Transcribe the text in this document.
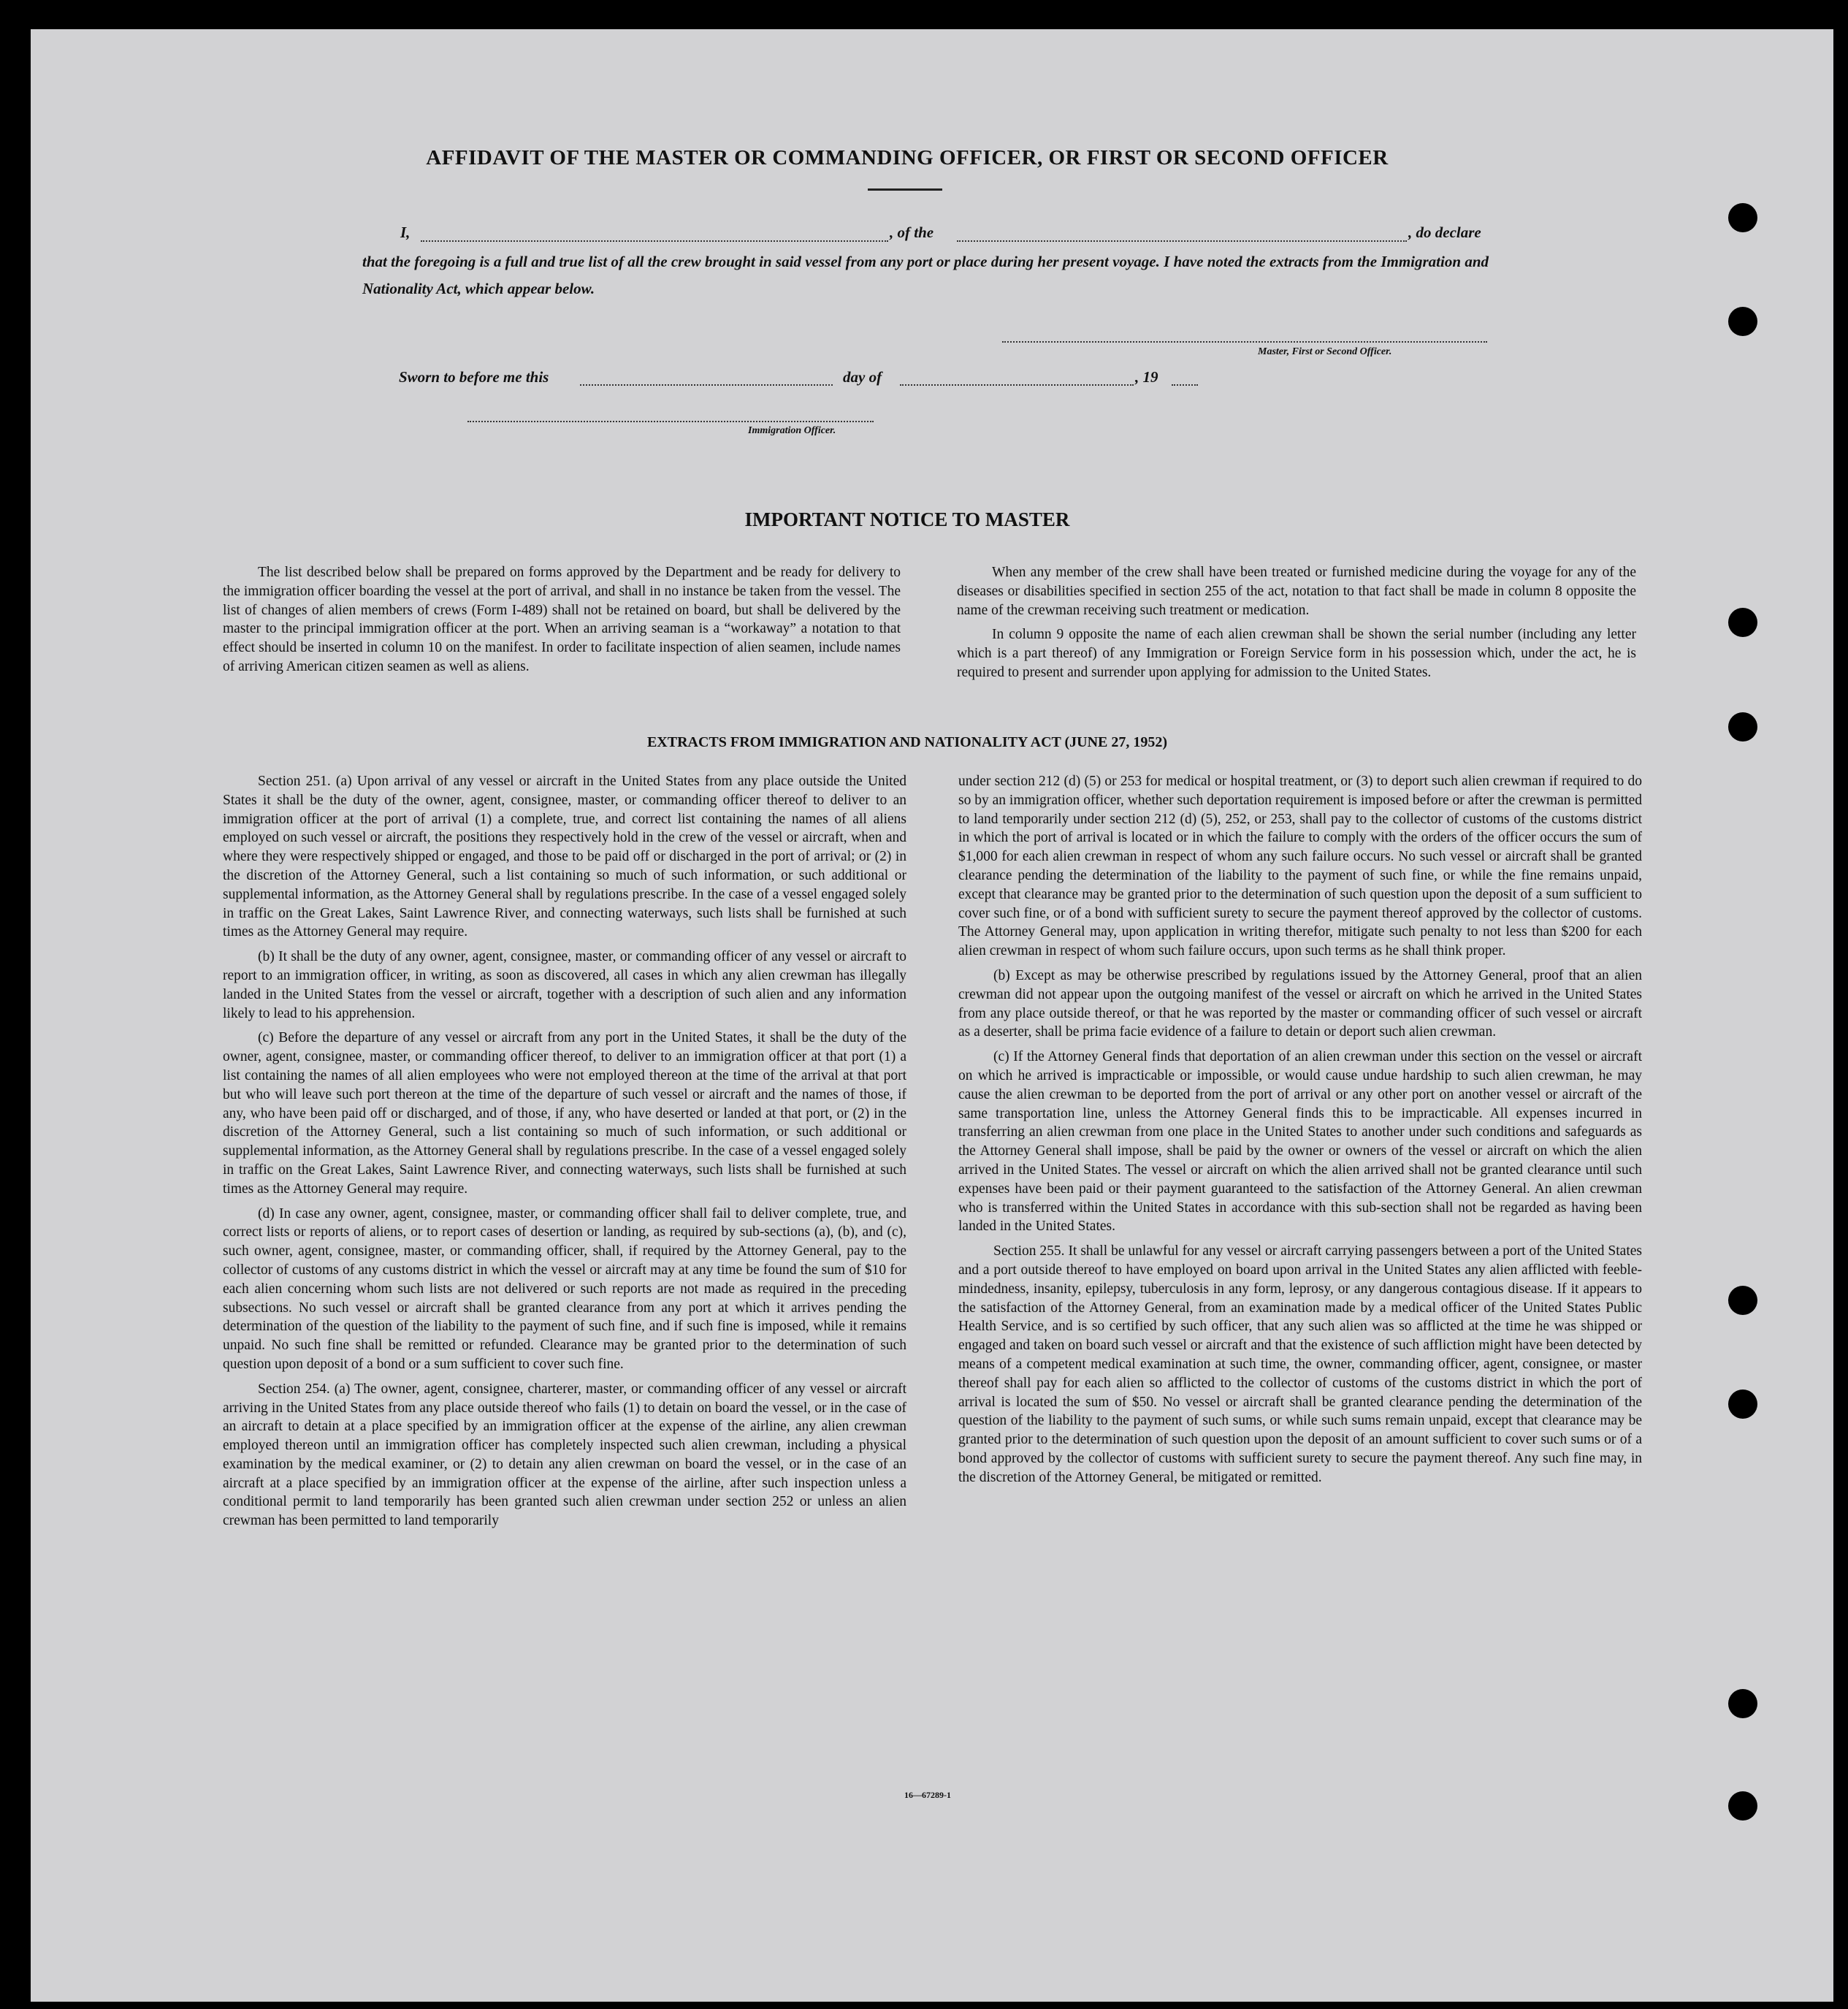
AFFIDAVIT OF THE MASTER OR COMMANDING OFFICER, OR FIRST OR SECOND OFFICER
I,	, of the	, do declare
that the foregoing is a full and true list of all the crew brought in said vessel from any port or place during her present voyage. I have noted the extracts from the Immigration and Nationality Act, which appear below.
Master, First or Second Officer.
Sworn to before me this	day of	, 19
Immigration Officer.
IMPORTANT NOTICE TO MASTER

The list described below shall be prepared on forms approved by the Department and be ready for delivery to the immigration officer boarding the vessel at the port of arrival, and shall in no instance be taken from the vessel. The list of changes of alien members of crews (Form I-489) shall not be retained on board, but shall be delivered by the master to the principal immigration officer at the port. When an arriving seaman is a “workaway” a notation to that effect should be inserted in column 10 on the manifest. In order to facilitate inspection of alien seamen, include names of arriving American citizen seamen as well as aliens.

When any member of the crew shall have been treated or furnished medicine during the voyage for any of the diseases or disabilities specified in section 255 of the act, notation to that fact shall be made in column 8 opposite the name of the crewman receiving such treatment or medication.

In column 9 opposite the name of each alien crewman shall be shown the serial number (including any letter which is a part thereof) of any Immigration or Foreign Service form in his possession which, under the act, he is required to present and surrender upon applying for admission to the United States.

EXTRACTS FROM IMMIGRATION AND NATIONALITY ACT (JUNE 27, 1952)

Section 251. (a) Upon arrival of any vessel or aircraft in the United States from any place outside the United States it shall be the duty of the owner, agent, consignee, master, or commanding officer thereof to deliver to an immigration officer at the port of arrival (1) a complete, true, and correct list containing the names of all aliens employed on such vessel or aircraft, the positions they respectively hold in the crew of the vessel or aircraft, when and where they were respectively shipped or engaged, and those to be paid off or discharged in the port of arrival; or (2) in the discretion of the Attorney General, such a list containing so much of such information, or such additional or supplemental information, as the Attorney General shall by regulations prescribe. In the case of a vessel engaged solely in traffic on the Great Lakes, Saint Lawrence River, and connecting waterways, such lists shall be furnished at such times as the Attorney General may require.

(b) It shall be the duty of any owner, agent, consignee, master, or commanding officer of any vessel or aircraft to report to an immigration officer, in writing, as soon as discovered, all cases in which any alien crewman has illegally landed in the United States from the vessel or aircraft, together with a description of such alien and any information likely to lead to his apprehension.

(c) Before the departure of any vessel or aircraft from any port in the United States, it shall be the duty of the owner, agent, consignee, master, or commanding officer thereof, to deliver to an immigration officer at that port (1) a list containing the names of all alien employees who were not employed thereon at the time of the arrival at that port but who will leave such port thereon at the time of the departure of such vessel or aircraft and the names of those, if any, who have been paid off or discharged, and of those, if any, who have deserted or landed at that port, or (2) in the discretion of the Attorney General, such a list containing so much of such information, or such additional or supplemental information, as the Attorney General shall by regulations prescribe. In the case of a vessel engaged solely in traffic on the Great Lakes, Saint Lawrence River, and connecting waterways, such lists shall be furnished at such times as the Attorney General may require.

(d) In case any owner, agent, consignee, master, or commanding officer shall fail to deliver complete, true, and correct lists or reports of aliens, or to report cases of desertion or landing, as required by sub-sections (a), (b), and (c), such owner, agent, consignee, master, or commanding officer, shall, if required by the Attorney General, pay to the collector of customs of any customs district in which the vessel or aircraft may at any time be found the sum of $10 for each alien concerning whom such lists are not delivered or such reports are not made as required in the preceding subsections. No such vessel or aircraft shall be granted clearance from any port at which it arrives pending the determination of the question of the liability to the payment of such fine, and if such fine is imposed, while it remains unpaid. No such fine shall be remitted or refunded. Clearance may be granted prior to the determination of such question upon deposit of a bond or a sum sufficient to cover such fine.

Section 254. (a) The owner, agent, consignee, charterer, master, or commanding officer of any vessel or aircraft arriving in the United States from any place outside thereof who fails (1) to detain on board the vessel, or in the case of an aircraft to detain at a place specified by an immigration officer at the expense of the airline, any alien crewman employed thereon until an immigration officer has completely inspected such alien crewman, including a physical examination by the medical examiner, or (2) to detain any alien crewman on board the vessel, or in the case of an aircraft at a place specified by an immigration officer at the expense of the airline, after such inspection unless a conditional permit to land temporarily has been granted such alien crewman under section 252 or unless an alien crewman has been permitted to land temporarily

under section 212 (d) (5) or 253 for medical or hospital treatment, or (3) to deport such alien crewman if required to do so by an immigration officer, whether such deportation requirement is imposed before or after the crewman is permitted to land temporarily under section 212 (d) (5), 252, or 253, shall pay to the collector of customs of the customs district in which the port of arrival is located or in which the failure to comply with the orders of the officer occurs the sum of $1,000 for each alien crewman in respect of whom any such failure occurs. No such vessel or aircraft shall be granted clearance pending the determination of the liability to the payment of such fine, or while the fine remains unpaid, except that clearance may be granted prior to the determination of such question upon the deposit of a sum sufficient to cover such fine, or of a bond with sufficient surety to secure the payment thereof approved by the collector of customs. The Attorney General may, upon application in writing therefor, mitigate such penalty to not less than $200 for each alien crewman in respect of whom such failure occurs, upon such terms as he shall think proper.

(b) Except as may be otherwise prescribed by regulations issued by the Attorney General, proof that an alien crewman did not appear upon the outgoing manifest of the vessel or aircraft on which he arrived in the United States from any place outside thereof, or that he was reported by the master or commanding officer of such vessel or aircraft as a deserter, shall be prima facie evidence of a failure to detain or deport such alien crewman.

(c) If the Attorney General finds that deportation of an alien crewman under this section on the vessel or aircraft on which he arrived is impracticable or impossible, or would cause undue hardship to such alien crewman, he may cause the alien crewman to be deported from the port of arrival or any other port on another vessel or aircraft of the same transportation line, unless the Attorney General finds this to be impracticable. All expenses incurred in transferring an alien crewman from one place in the United States to another under such conditions and safeguards as the Attorney General shall impose, shall be paid by the owner or owners of the vessel or aircraft on which the alien arrived in the United States. The vessel or aircraft on which the alien arrived shall not be granted clearance until such expenses have been paid or their payment guaranteed to the satisfaction of the Attorney General. An alien crewman who is transferred within the United States in accordance with this sub-section shall not be regarded as having been landed in the United States.

Section 255. It shall be unlawful for any vessel or aircraft carrying passengers between a port of the United States and a port outside thereof to have employed on board upon arrival in the United States any alien afflicted with feeble-mindedness, insanity, epilepsy, tuberculosis in any form, leprosy, or any dangerous contagious disease. If it appears to the satisfaction of the Attorney General, from an examination made by a medical officer of the United States Public Health Service, and is so certified by such officer, that any such alien was so afflicted at the time he was shipped or engaged and taken on board such vessel or aircraft and that the existence of such affliction might have been detected by means of a competent medical examination at such time, the owner, commanding officer, agent, consignee, or master thereof shall pay for each alien so afflicted to the collector of customs of the customs district in which the port of arrival is located the sum of $50. No vessel or aircraft shall be granted clearance pending the determination of the question of the liability to the payment of such sums, or while such sums remain unpaid, except that clearance may be granted prior to the determination of such question upon the deposit of an amount sufficient to cover such sums or of a bond approved by the collector of customs with sufficient surety to secure the payment thereof. Any such fine may, in the discretion of the Attorney General, be mitigated or remitted.

16—67289-1
